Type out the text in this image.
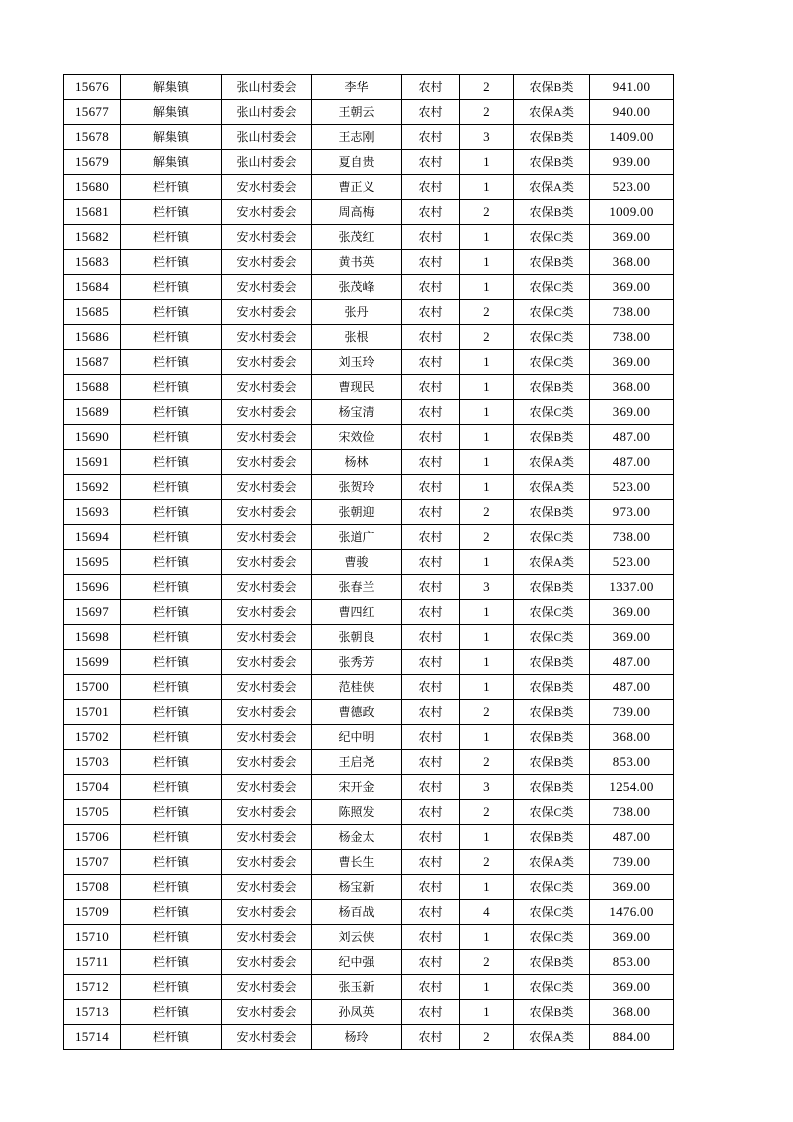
15676	解集镇	张山村委会	李华	农村	2	农保B类	941.00
15677	解集镇	张山村委会	王朝云	农村	2	农保A类	940.00
15678	解集镇	张山村委会	王志刚	农村	3	农保B类	1409.00
15679	解集镇	张山村委会	夏自贵	农村	1	农保B类	939.00
15680	栏杆镇	安水村委会	曹正义	农村	1	农保A类	523.00
15681	栏杆镇	安水村委会	周高梅	农村	2	农保B类	1009.00
15682	栏杆镇	安水村委会	张茂红	农村	1	农保C类	369.00
15683	栏杆镇	安水村委会	黄书英	农村	1	农保B类	368.00
15684	栏杆镇	安水村委会	张茂峰	农村	1	农保C类	369.00
15685	栏杆镇	安水村委会	张丹	农村	2	农保C类	738.00
15686	栏杆镇	安水村委会	张根	农村	2	农保C类	738.00
15687	栏杆镇	安水村委会	刘玉玲	农村	1	农保C类	369.00
15688	栏杆镇	安水村委会	曹现民	农村	1	农保B类	368.00
15689	栏杆镇	安水村委会	杨宝清	农村	1	农保C类	369.00
15690	栏杆镇	安水村委会	宋效俭	农村	1	农保B类	487.00
15691	栏杆镇	安水村委会	杨林	农村	1	农保A类	487.00
15692	栏杆镇	安水村委会	张贺玲	农村	1	农保A类	523.00
15693	栏杆镇	安水村委会	张朝迎	农村	2	农保B类	973.00
15694	栏杆镇	安水村委会	张道广	农村	2	农保C类	738.00
15695	栏杆镇	安水村委会	曹骏	农村	1	农保A类	523.00
15696	栏杆镇	安水村委会	张春兰	农村	3	农保B类	1337.00
15697	栏杆镇	安水村委会	曹四红	农村	1	农保C类	369.00
15698	栏杆镇	安水村委会	张朝良	农村	1	农保C类	369.00
15699	栏杆镇	安水村委会	张秀芳	农村	1	农保B类	487.00
15700	栏杆镇	安水村委会	范桂侠	农村	1	农保B类	487.00
15701	栏杆镇	安水村委会	曹德政	农村	2	农保B类	739.00
15702	栏杆镇	安水村委会	纪中明	农村	1	农保B类	368.00
15703	栏杆镇	安水村委会	王启尧	农村	2	农保B类	853.00
15704	栏杆镇	安水村委会	宋开金	农村	3	农保B类	1254.00
15705	栏杆镇	安水村委会	陈照发	农村	2	农保C类	738.00
15706	栏杆镇	安水村委会	杨金太	农村	1	农保B类	487.00
15707	栏杆镇	安水村委会	曹长生	农村	2	农保A类	739.00
15708	栏杆镇	安水村委会	杨宝新	农村	1	农保C类	369.00
15709	栏杆镇	安水村委会	杨百战	农村	4	农保C类	1476.00
15710	栏杆镇	安水村委会	刘云侠	农村	1	农保C类	369.00
15711	栏杆镇	安水村委会	纪中强	农村	2	农保B类	853.00
15712	栏杆镇	安水村委会	张玉新	农村	1	农保C类	369.00
15713	栏杆镇	安水村委会	孙凤英	农村	1	农保B类	368.00
15714	栏杆镇	安水村委会	杨玲	农村	2	农保A类	884.00
